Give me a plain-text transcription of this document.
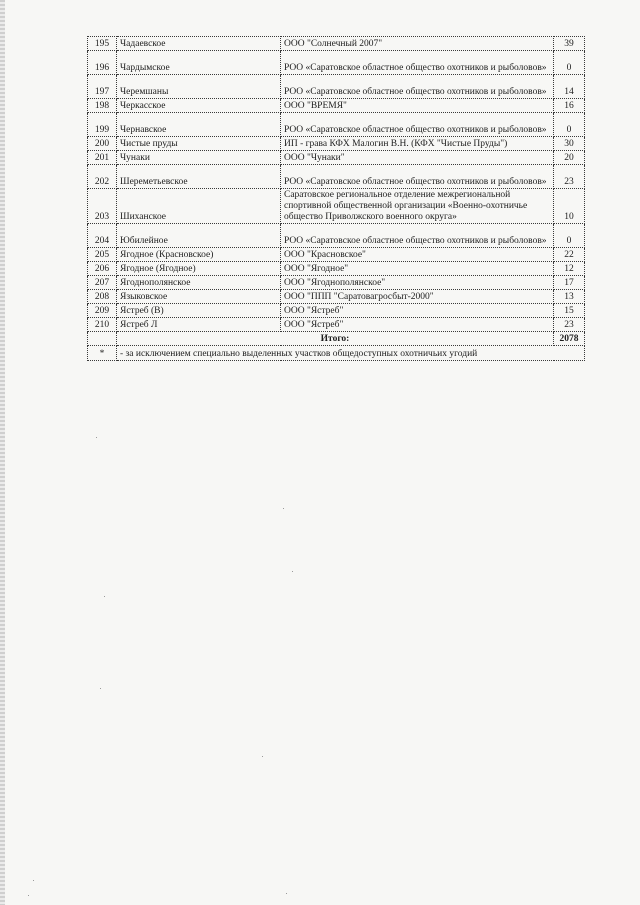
195	Чадаевское	ООО "Солнечный 2007"	39
196	Чардымское	РОО «Саратовское областное общество охотников и рыболовов»	0
197	Черемшаны	РОО «Саратовское областное общество охотников и рыболовов»	14
198	Черкасское	ООО "ВРЕМЯ"	16
199	Чернавское	РОО «Саратовское областное общество охотников и рыболовов»	0
200	Чистые пруды	ИП - грава КФХ Малогин В.Н. (КФХ "Чистые Пруды")	30
201	Чунаки	ООО "Чунаки"	20
202	Шереметьевское	РОО «Саратовское областное общество охотников и рыболовов»	23
203	Шиханское	Саратовское региональное отделение межрегиональной спортивной общественной организации «Военно-охотничье общество Приволжского военного округа»	10
204	Юбилейное	РОО «Саратовское областное общество охотников и рыболовов»	0
205	Ягодное (Красновское)	ООО "Красновское"	22
206	Ягодное (Ягодное)	ООО "Ягодное"	12
207	Ягоднополянское	ООО "Ягоднополянское"	17
208	Языковское	ООО "ППП "Саратовагросбыт-2000"	13
209	Ястреб (В)	ООО "Ястреб"	15
210	Ястреб Л	ООО "Ястреб"	23
	Итого:		2078
*	- за исключением специально выделенных участков общедоступных охотничьих угодий		
